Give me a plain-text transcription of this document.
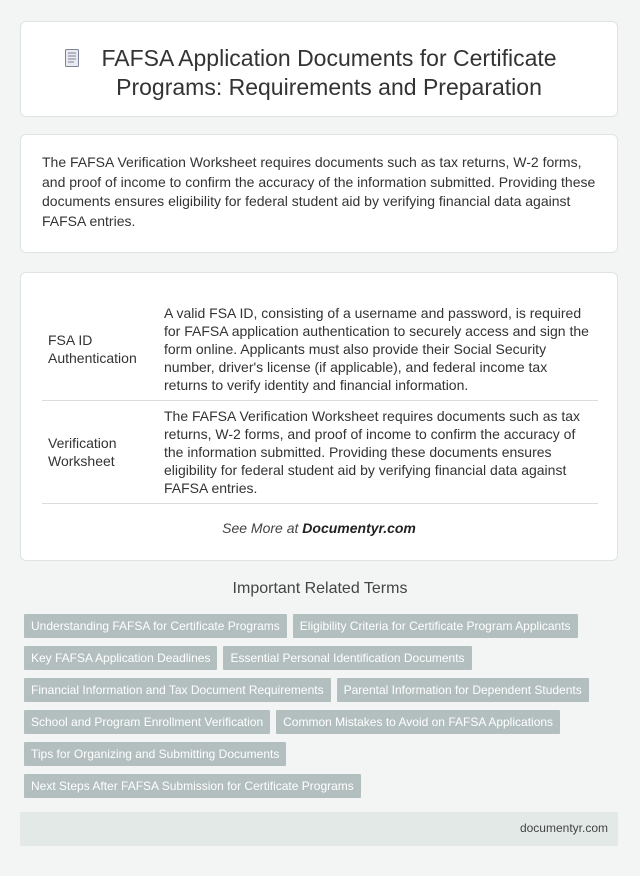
FAFSA Application Documents for Certificate Programs: Requirements and Preparation

The FAFSA Verification Worksheet requires documents such as tax returns, W-2 forms, and proof of income to confirm the accuracy of the information submitted. Providing these documents ensures eligibility for federal student aid by verifying financial data against FAFSA entries.

FSA ID Authentication	A valid FSA ID, consisting of a username and password, is required for FAFSA application authentication to securely access and sign the form online. Applicants must also provide their Social Security number, driver's license (if applicable), and federal income tax returns to verify identity and financial information.
Verification Worksheet	The FAFSA Verification Worksheet requires documents such as tax returns, W-2 forms, and proof of income to confirm the accuracy of the information submitted. Providing these documents ensures eligibility for federal student aid by verifying financial data against FAFSA entries.
See More at Documentyr.com
Important Related Terms
Understanding FAFSA for Certificate Programs Eligibility Criteria for Certificate Program Applicants
Key FAFSA Application Deadlines Essential Personal Identification Documents
Financial Information and Tax Document Requirements Parental Information for Dependent Students
School and Program Enrollment Verification Common Mistakes to Avoid on FAFSA Applications
Tips for Organizing and Submitting Documents
Next Steps After FAFSA Submission for Certificate Programs
documentyr.com
